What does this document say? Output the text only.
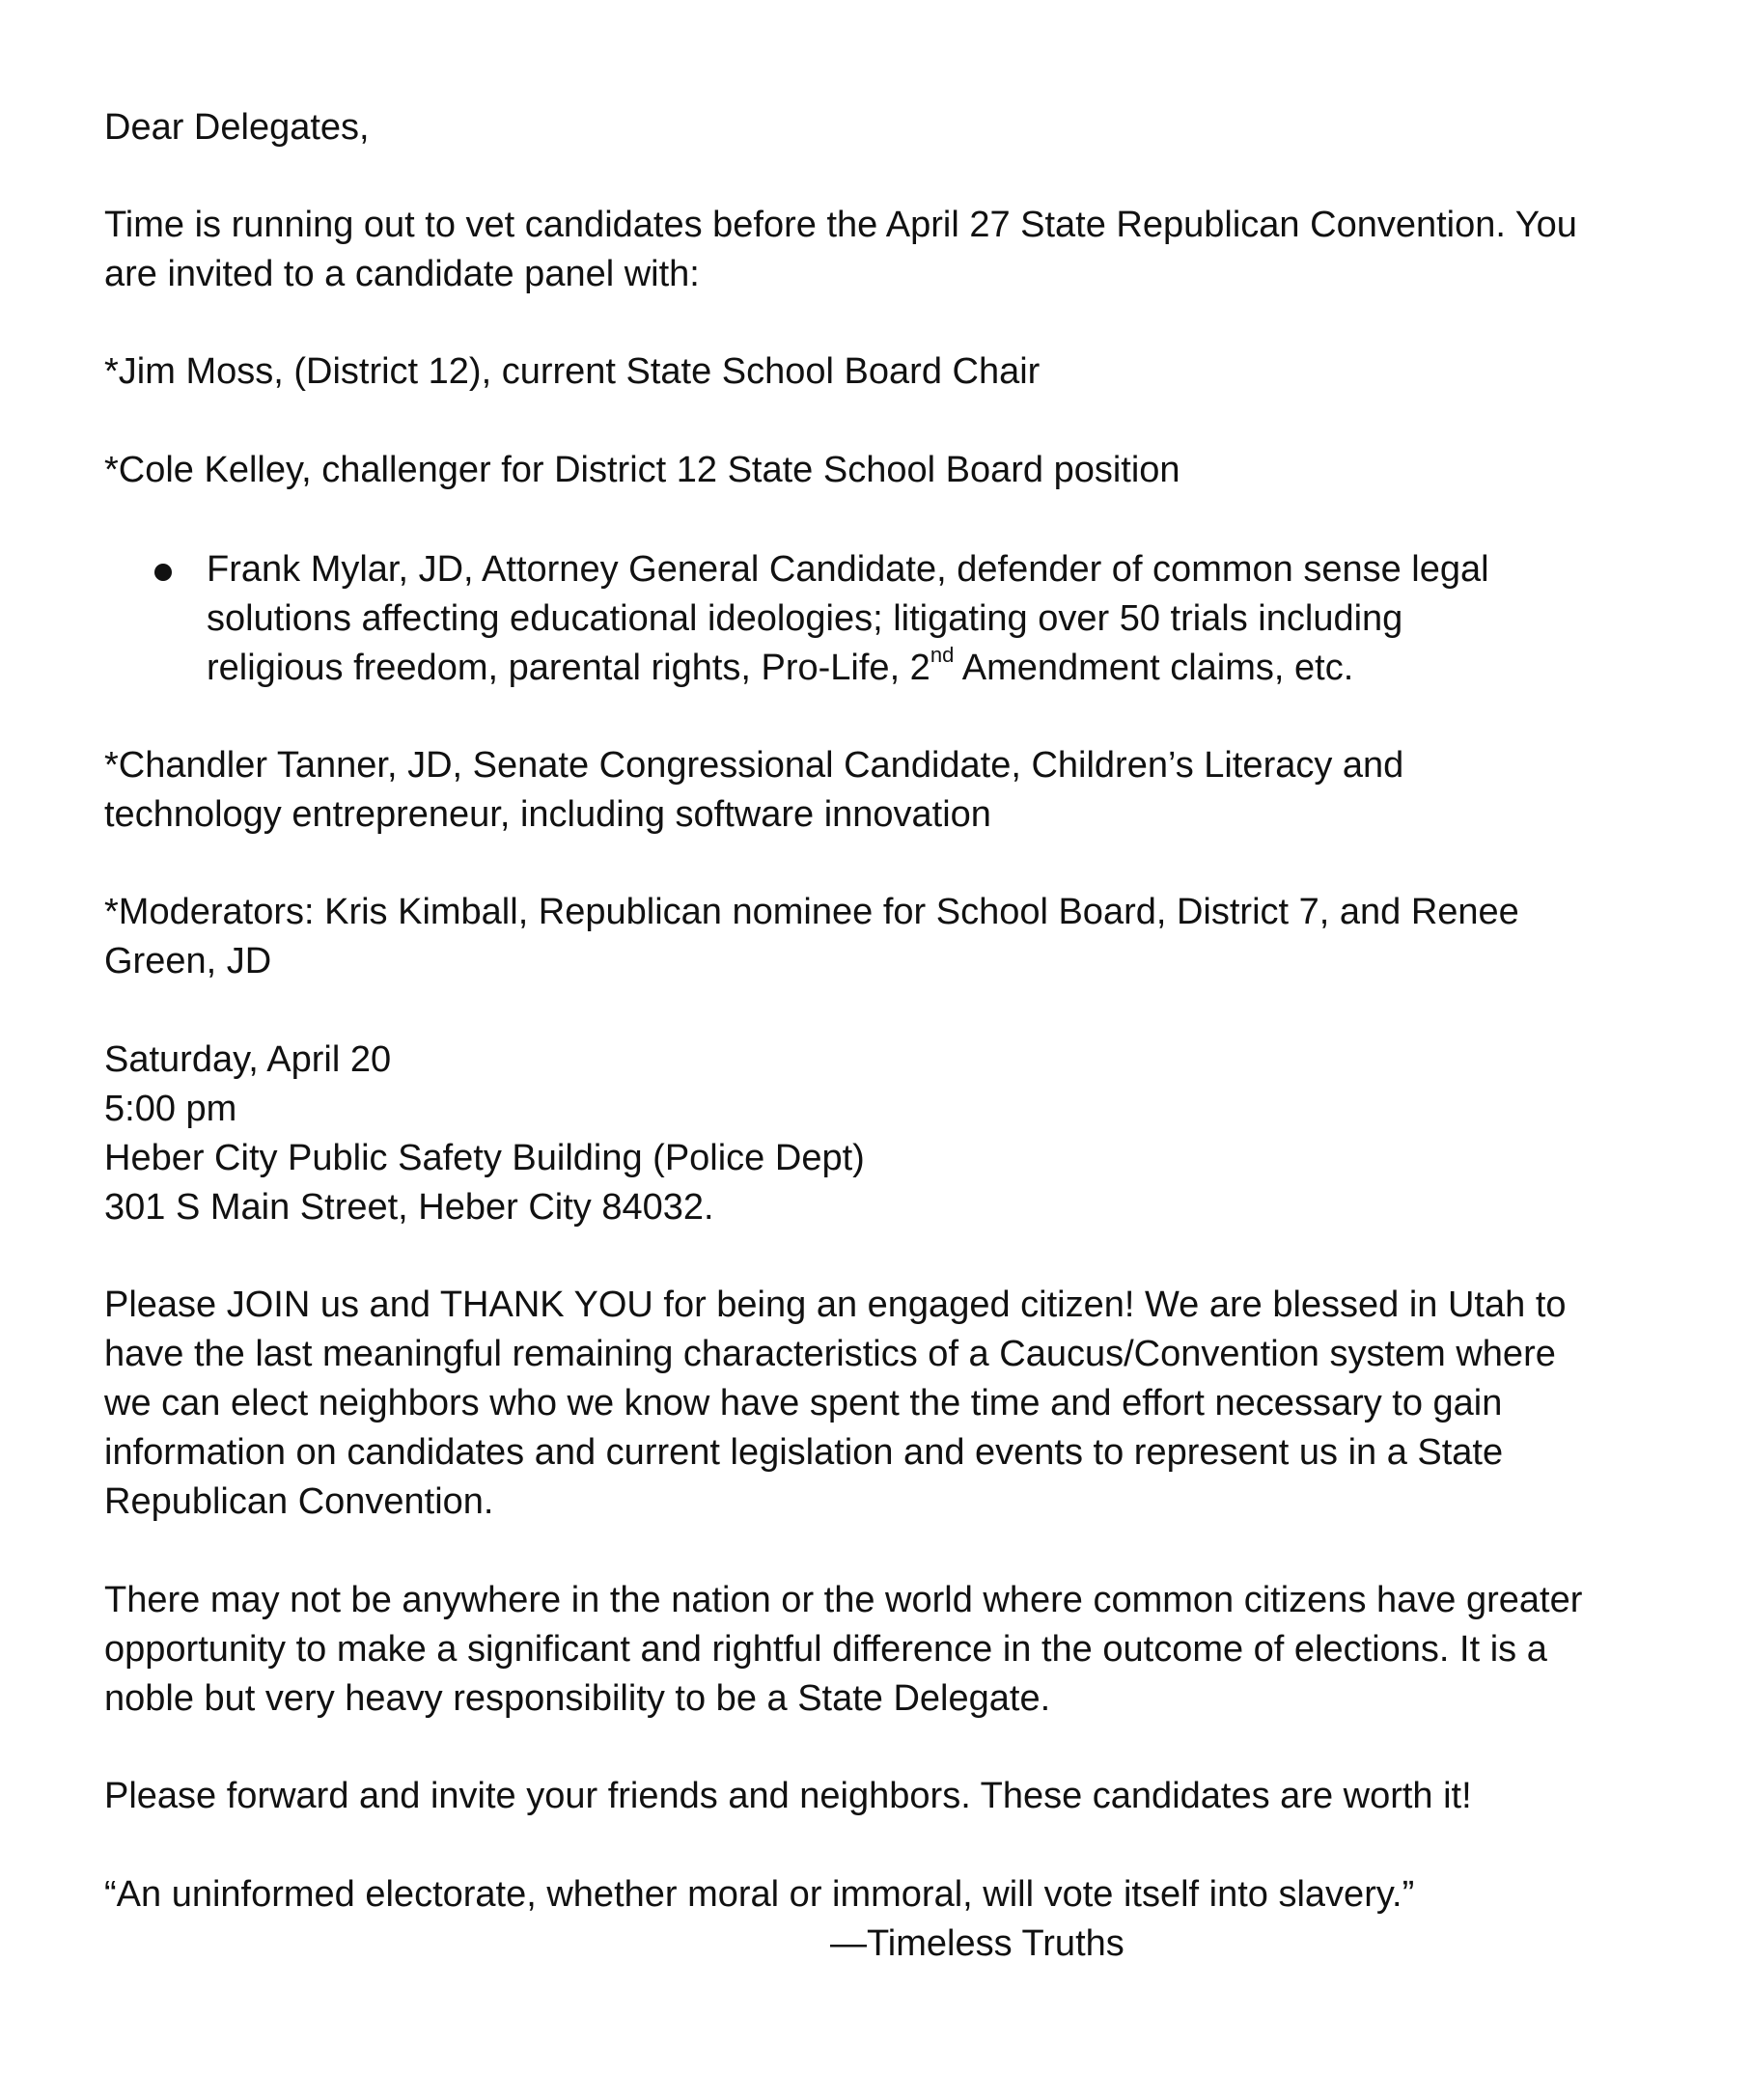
Dear Delegates,
Time is running out to vet candidates before the April 27 State Republican Convention. You
are invited to a candidate panel with:
*Jim Moss, (District 12), current State School Board Chair
*Cole Kelley, challenger for District 12 State School Board position
Frank Mylar, JD, Attorney General Candidate, defender of common sense legal
solutions affecting educational ideologies; litigating over 50 trials including
religious freedom, parental rights, Pro-Life, 2nd Amendment claims, etc.
*Chandler Tanner, JD, Senate Congressional Candidate, Children’s Literacy and
technology entrepreneur, including software innovation
*Moderators: Kris Kimball, Republican nominee for School Board, District 7, and Renee
Green, JD
Saturday, April 20
5:00 pm
Heber City Public Safety Building (Police Dept)
301 S Main Street, Heber City 84032.
Please JOIN us and THANK YOU for being an engaged citizen! We are blessed in Utah to
have the last meaningful remaining characteristics of a Caucus/Convention system where
we can elect neighbors who we know have spent the time and effort necessary to gain
information on candidates and current legislation and events to represent us in a State
Republican Convention.
There may not be anywhere in the nation or the world where common citizens have greater
opportunity to make a significant and rightful difference in the outcome of elections. It is a
noble but very heavy responsibility to be a State Delegate.
Please forward and invite your friends and neighbors. These candidates are worth it!
“An uninformed electorate, whether moral or immoral, will vote itself into slavery.”
—Timeless Truths
